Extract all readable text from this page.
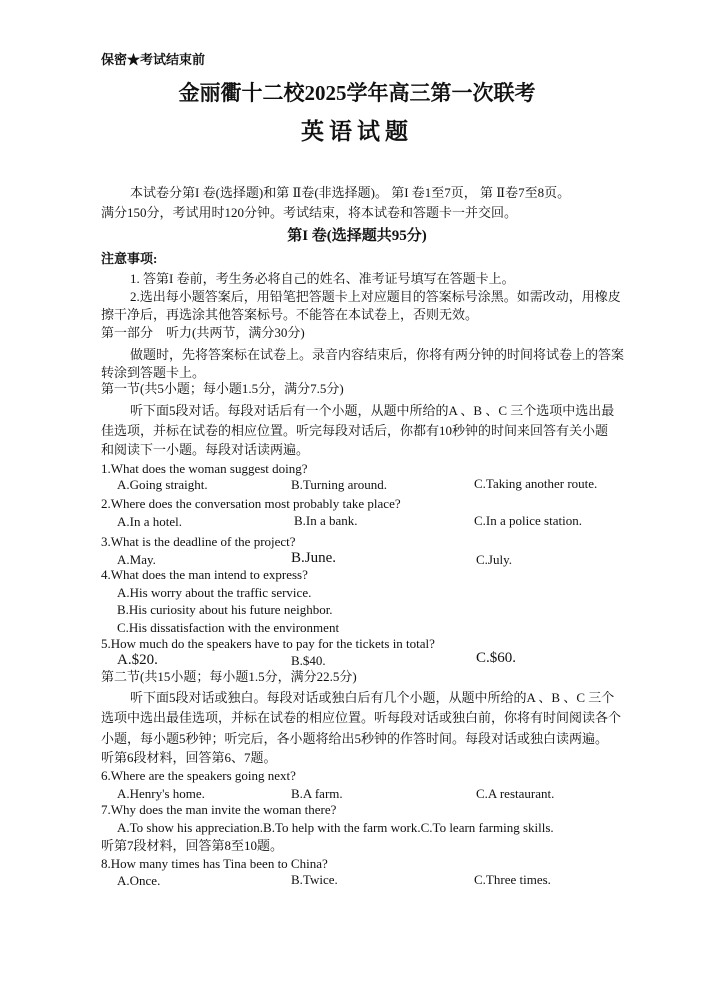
保密★考试结束前
金丽衢十二校2025学年高三第一次联考
英语试题
本试卷分第I 卷(选择题)和第 Ⅱ卷(非选择题)。 第I 卷1至7页， 第 Ⅱ卷7至8页。
满分150分，考试用时120分钟。考试结束，将本试卷和答题卡一并交回。
第I 卷(选择题共95分)
注意事项:
1. 答第I 卷前，考生务必将自己的姓名、准考证号填写在答题卡上。
2.选出每小题答案后，用铅笔把答题卡上对应题目的答案标号涂黑。如需改动，用橡皮
擦干净后，再选涂其他答案标号。不能答在本试卷上，否则无效。
第一部分　听力(共两节，满分30分)
做题时，先将答案标在试卷上。录音内容结束后，你将有两分钟的时间将试卷上的答案
转涂到答题卡上。
第一节(共5小题；每小题1.5分，满分7.5分)
听下面5段对话。每段对话后有一个小题，从题中所给的A 、B 、C 三个选项中选出最
佳选项，并标在试卷的相应位置。听完每段对话后，你都有10秒钟的时间来回答有关小题
和阅读下一小题。每段对话读两遍。
1.What does the woman suggest doing?
A.Going straight.	B.Turning around.	C.Taking another route.
2.Where does the conversation most probably take place?
A.In a hotel.	B.In a bank.	C.In a police station.
3.What is the deadline of the project?
A.May.	B.June.	C.July.
4.What does the man intend to express?
A.His worry about the traffic service.
B.His curiosity about his future neighbor.
C.His dissatisfaction with the environment
5.How much do the speakers have to pay for the tickets in total?
A.$20.	B.$40.	C.$60.
第二节(共15小题；每小题1.5分，满分22.5分)
听下面5段对话或独白。每段对话或独白后有几个小题，从题中所给的A 、B 、C 三个
选项中选出最佳选项，并标在试卷的相应位置。听每段对话或独白前，你将有时间阅读各个
小题，每小题5秒钟；听完后，各小题将给出5秒钟的作答时间。每段对话或独白读两遍。
听第6段材料，回答第6、7题。
6.Where are the speakers going next?
A.Henry's home.	B.A farm.	C.A restaurant.
7.Why does the man invite the woman there?
A.To show his appreciation.B.To help with the farm work.C.To learn farming skills.
听第7段材料，回答第8至10题。
8.How many times has Tina been to China?
A.Once.	B.Twice.	C.Three times.
